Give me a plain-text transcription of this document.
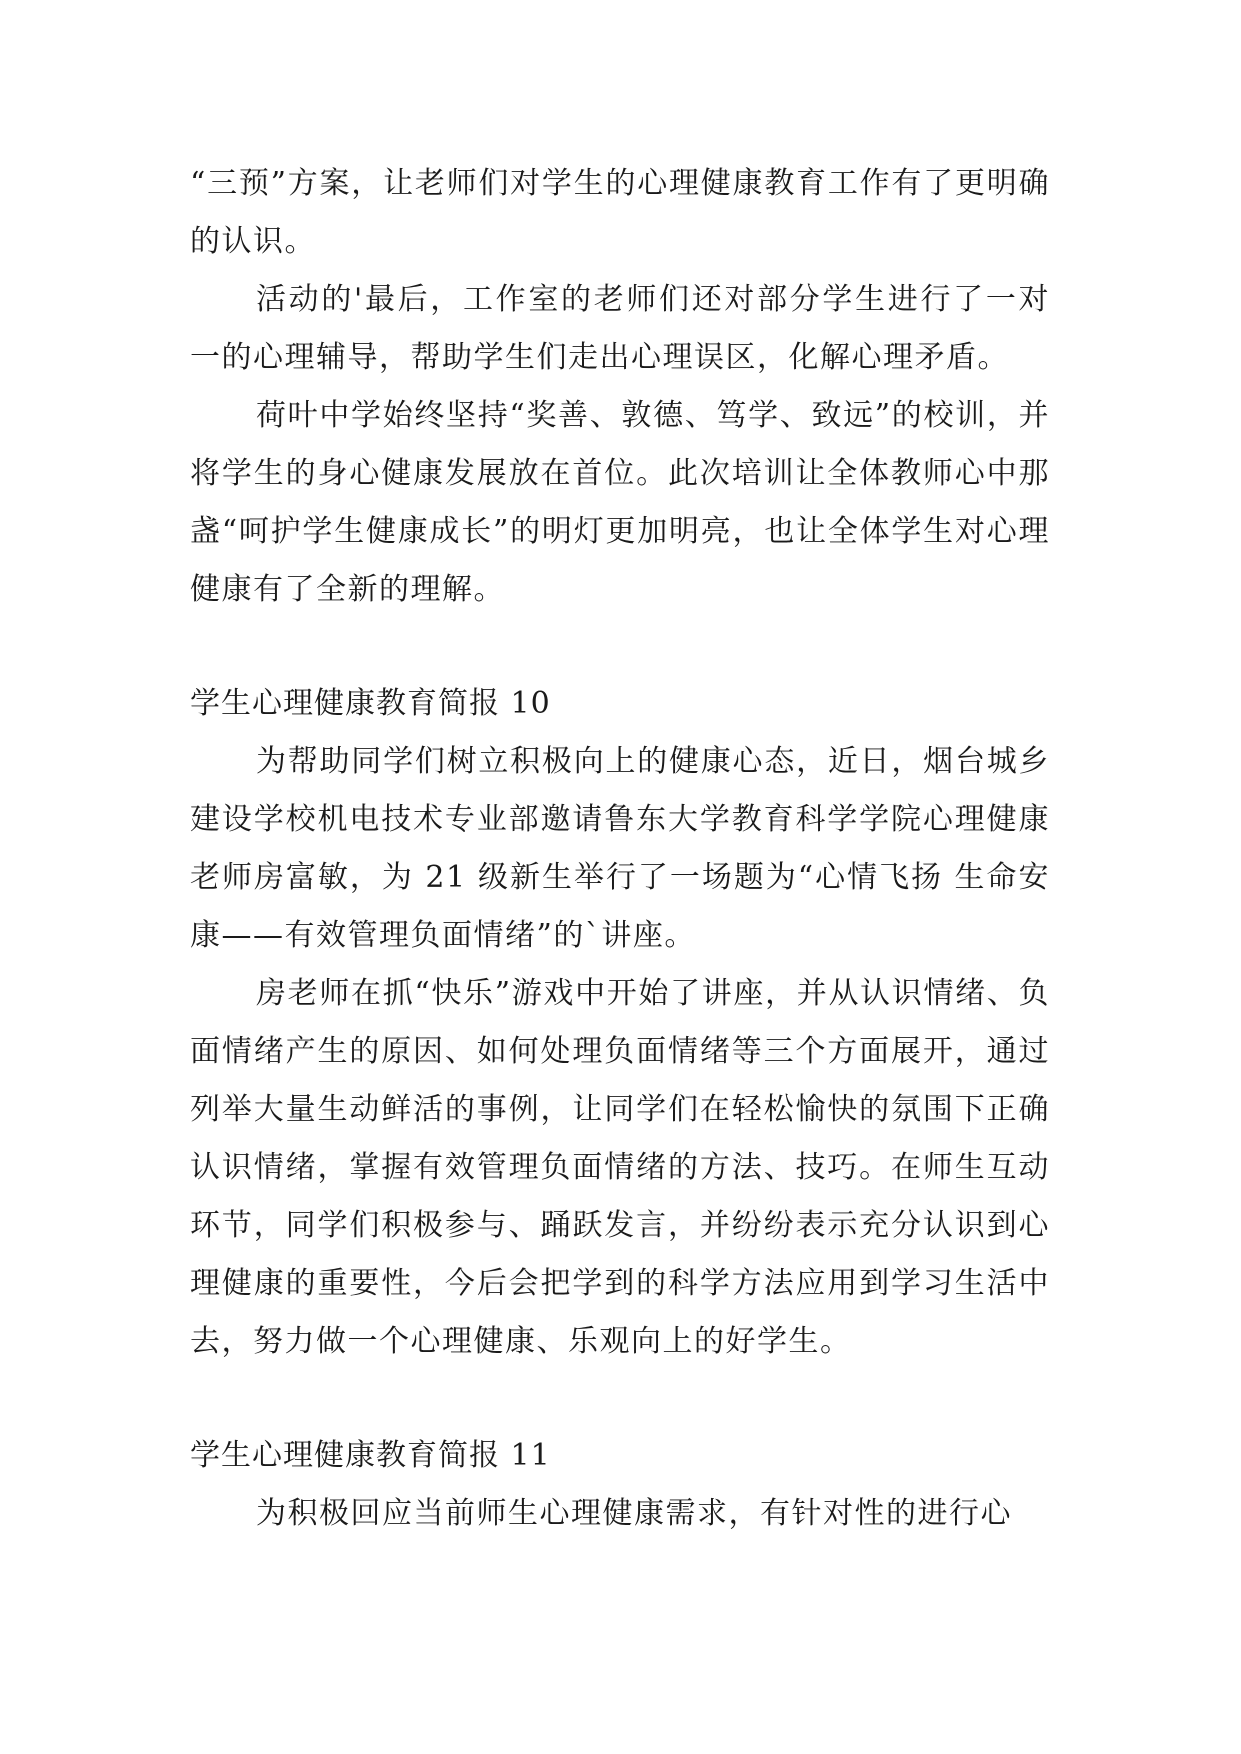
“三预”方案，让老师们对学生的心理健康教育工作有了更明确的认识。

活动的'最后，工作室的老师们还对部分学生进行了一对一的心理辅导，帮助学生们走出心理误区，化解心理矛盾。

荷叶中学始终坚持“奖善、敦德、笃学、致远”的校训，并将学生的身心健康发展放在首位。此次培训让全体教师心中那盏“呵护学生健康成长”的明灯更加明亮，也让全体学生对心理健康有了全新的理解。

学生心理健康教育简报 10

为帮助同学们树立积极向上的健康心态，近日，烟台城乡建设学校机电技术专业部邀请鲁东大学教育科学学院心理健康老师房富敏，为 21 级新生举行了一场题为“心情飞扬 生命安康——有效管理负面情绪”的`讲座。

房老师在抓“快乐”游戏中开始了讲座，并从认识情绪、负面情绪产生的原因、如何处理负面情绪等三个方面展开，通过列举大量生动鲜活的事例，让同学们在轻松愉快的氛围下正确认识情绪，掌握有效管理负面情绪的方法、技巧。在师生互动环节，同学们积极参与、踊跃发言，并纷纷表示充分认识到心理健康的重要性，今后会把学到的科学方法应用到学习生活中去，努力做一个心理健康、乐观向上的好学生。

学生心理健康教育简报 11

为积极回应当前师生心理健康需求，有针对性的进行心
